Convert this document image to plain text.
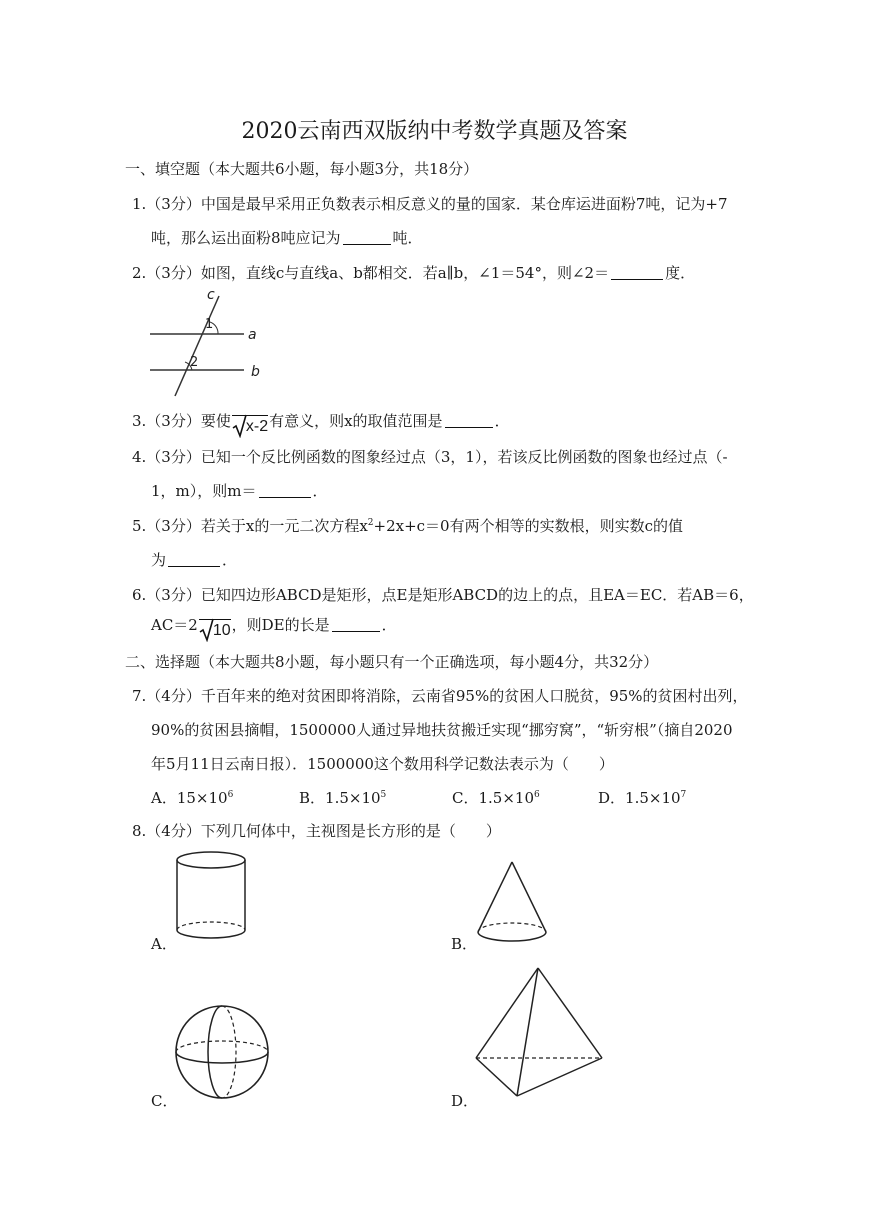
2020云南西双版纳中考数学真题及答案
一、填空题（本大题共6小题，每小题3分，共18分）
1.（3分）中国是最早采用正负数表示相反意义的量的国家．某仓库运进面粉7吨，记为+7
吨，那么运出面粉8吨应记为	吨．
2.（3分）如图，直线c与直线a、b都相交．若a∥b，∠1＝54°，则∠2＝	度．
c
a
b
1
2
3.（3分）要使 x-2有意义，则x的取值范围是	．
4.（3分）已知一个反比例函数的图象经过点（3，1），若该反比例函数的图象也经过点（-
1，m），则m＝	．
5.（3分）若关于x的一元二次方程$x^2+2x+c=0$有两个相等的实数根，则实数c的值
为	．
6.（3分）已知四边形ABCD是矩形，点E是矩形ABCD的边上的点，且EA＝EC．若AB＝6，
AC＝2 10，则DE的长是	．
二、选择题（本大题共8小题，每小题只有一个正确选项，每小题4分，共32分）
7.（4分）千百年来的绝对贫困即将消除，云南省95%的贫困人口脱贫，95%的贫困村出列，
90%的贫困县摘帽，1500000人通过异地扶贫搬迁实现“挪穷窝”，“斩穷根”（摘自2020
年5月11日云南日报）．1500000这个数用科学记数法表示为（　　）
A．$15\times 10^6$	B．$1.5\times 10^5$	C．$1.5\times 10^6$	D．$1.5\times 10^7$
8.（4分）下列几何体中，主视图是长方形的是（　　）
A．	B．
C．	D．
